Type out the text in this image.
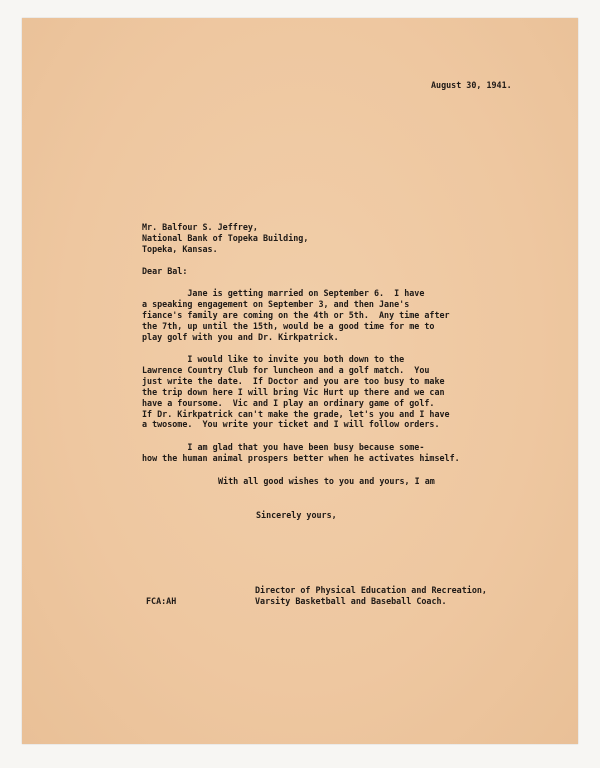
August 30, 1941.
Mr. Balfour S. Jeffrey,
National Bank of Topeka Building,
Topeka, Kansas.
Dear Bal:
Jane is getting married on September 6.  I have
a speaking engagement on September 3, and then Jane's
fiance's family are coming on the 4th or 5th.  Any time after
the 7th, up until the 15th, would be a good time for me to
play golf with you and Dr. Kirkpatrick.
I would like to invite you both down to the
Lawrence Country Club for luncheon and a golf match.  You
just write the date.  If Doctor and you are too busy to make
the trip down here I will bring Vic Hurt up there and we can
have a foursome.  Vic and I play an ordinary game of golf.
If Dr. Kirkpatrick can't make the grade, let's you and I have
a twosome.  You write your ticket and I will follow orders.
I am glad that you have been busy because some-
how the human animal prospers better when he activates himself.
With all good wishes to you and yours, I am
Sincerely yours,
Director of Physical Education and Recreation,
Varsity Basketball and Baseball Coach.
FCA:AH
